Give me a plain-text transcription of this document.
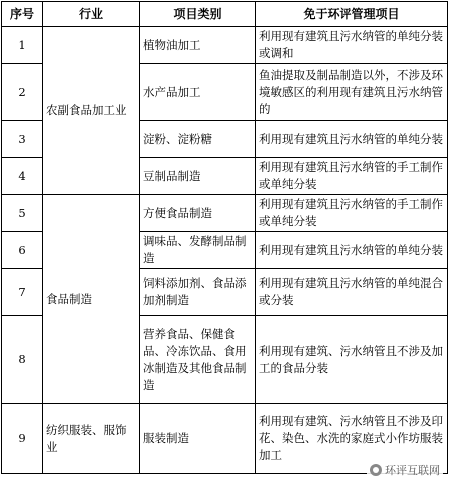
序号	行业	项目类别	免于环评管理项目
1	农副食品加工业	植物油加工	利用现有建筑且污水纳管的单纯分装或调和
2		水产品加工	鱼油提取及制品制造以外，不涉及环境敏感区的利用现有建筑且污水纳管的
3		淀粉、淀粉糖	利用现有建筑且污水纳管的单纯分装
4		豆制品制造	利用现有建筑且污水纳管的手工制作或单纯分装
5	食品制造	方便食品制造	利用现有建筑且污水纳管的手工制作或单纯分装
6		调味品、发酵制品制造	利用现有建筑且污水纳管的单纯分装
7		饲料添加剂、食品添加剂制造	利用现有建筑且污水纳管的单纯混合或分装
8		营养食品、保健食品、冷冻饮品、食用冰制造及其他食品制造	利用现有建筑、污水纳管且不涉及加工的食品分装
9	纺织服装、服饰业	服装制造	利用现有建筑、污水纳管且不涉及印花、染色、水洗的家庭式小作坊服装加工
环评互联网
